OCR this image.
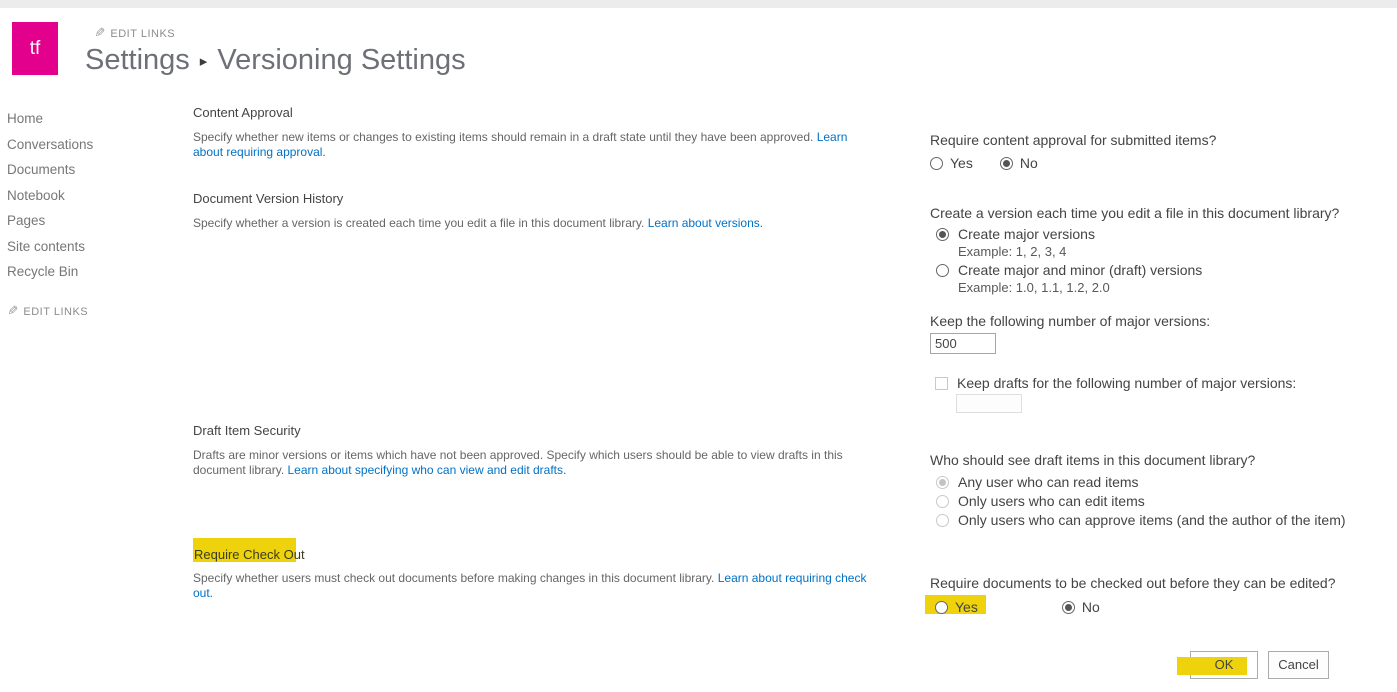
tf
✎ EDIT LINKS
Settings ▸ Versioning Settings
Home
Conversations
Documents
Notebook
Pages
Site contents
Recycle Bin
✎ EDIT LINKS
Content Approval
Specify whether new items or changes to existing items should remain in a draft state until they have been approved. Learn about requiring approval.
Require content approval for submitted items?
Yes	No
Document Version History
Specify whether a version is created each time you edit a file in this document library. Learn about versions.
Create a version each time you edit a file in this document library?
Create major versions
Example: 1, 2, 3, 4
Create major and minor (draft) versions
Example: 1.0, 1.1, 1.2, 2.0
Keep the following number of major versions:
500
Keep drafts for the following number of major versions:
Draft Item Security
Drafts are minor versions or items which have not been approved. Specify which users should be able to view drafts in this document library. Learn about specifying who can view and edit drafts.
Who should see draft items in this document library?
Any user who can read items
Only users who can edit items
Only users who can approve items (and the author of the item)
Require Check Out
Specify whether users must check out documents before making changes in this document library. Learn about requiring check out.
Require documents to be checked out before they can be edited?
Yes	No
OK	Cancel
